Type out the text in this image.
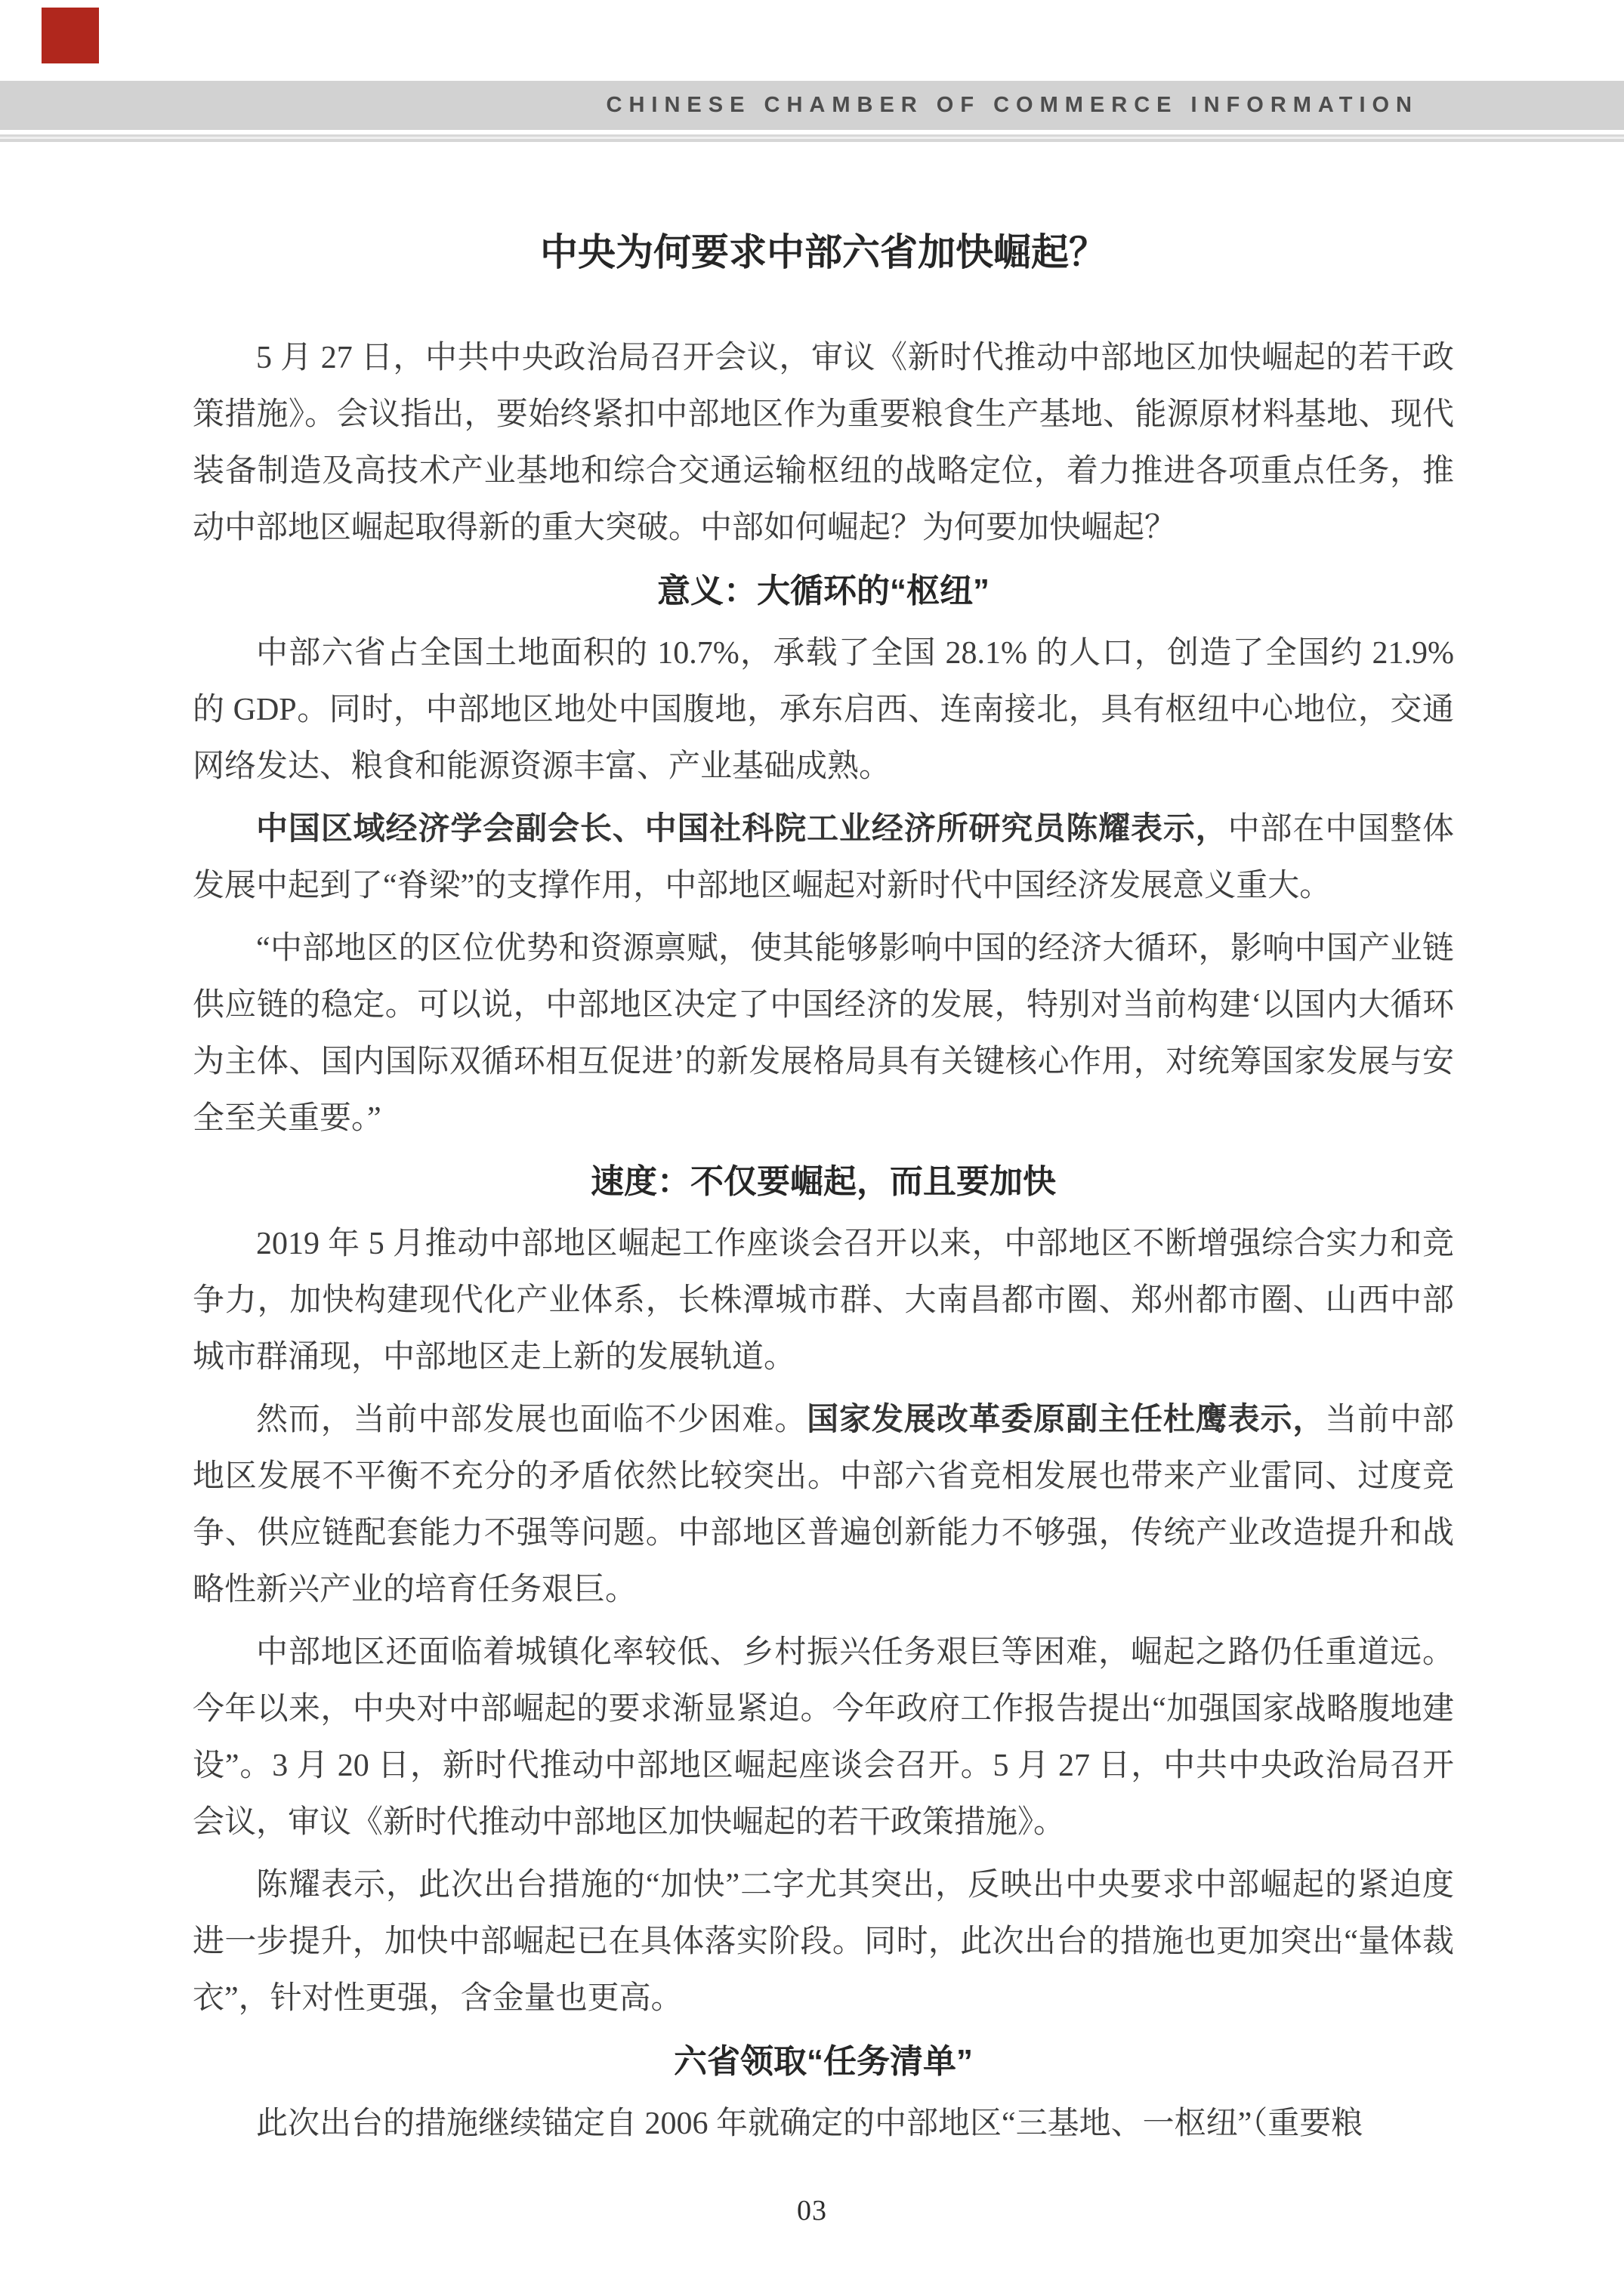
CHINESE CHAMBER OF COMMERCE INFORMATION
中央为何要求中部六省加快崛起？

5 月 27 日，中共中央政治局召开会议，审议《新时代推动中部地区加快崛起的若干政策措施》。会议指出，要始终紧扣中部地区作为重要粮食生产基地、能源原材料基地、现代装备制造及高技术产业基地和综合交通运输枢纽的战略定位，着力推进各项重点任务，推动中部地区崛起取得新的重大突破。中部如何崛起？为何要加快崛起？

意义：大循环的“枢纽”

中部六省占全国土地面积的 10.7%，承载了全国 28.1% 的人口，创造了全国约 21.9% 的 GDP。同时，中部地区地处中国腹地，承东启西、连南接北，具有枢纽中心地位，交通网络发达、粮食和能源资源丰富、产业基础成熟。

中国区域经济学会副会长、中国社科院工业经济所研究员陈耀表示，中部在中国整体发展中起到了“脊梁”的支撑作用，中部地区崛起对新时代中国经济发展意义重大。

“中部地区的区位优势和资源禀赋，使其能够影响中国的经济大循环，影响中国产业链供应链的稳定。可以说，中部地区决定了中国经济的发展，特别对当前构建‘以国内大循环为主体、国内国际双循环相互促进’的新发展格局具有关键核心作用，对统筹国家发展与安全至关重要。”

速度：不仅要崛起，而且要加快

2019 年 5 月推动中部地区崛起工作座谈会召开以来，中部地区不断增强综合实力和竞争力，加快构建现代化产业体系，长株潭城市群、大南昌都市圈、郑州都市圈、山西中部城市群涌现，中部地区走上新的发展轨道。

然而，当前中部发展也面临不少困难。国家发展改革委原副主任杜鹰表示，当前中部地区发展不平衡不充分的矛盾依然比较突出。中部六省竞相发展也带来产业雷同、过度竞争、供应链配套能力不强等问题。中部地区普遍创新能力不够强，传统产业改造提升和战略性新兴产业的培育任务艰巨。

中部地区还面临着城镇化率较低、乡村振兴任务艰巨等困难，崛起之路仍任重道远。今年以来，中央对中部崛起的要求渐显紧迫。今年政府工作报告提出“加强国家战略腹地建设”。3 月 20 日，新时代推动中部地区崛起座谈会召开。5 月 27 日，中共中央政治局召开会议，审议《新时代推动中部地区加快崛起的若干政策措施》。

陈耀表示，此次出台措施的“加快”二字尤其突出，反映出中央要求中部崛起的紧迫度进一步提升，加快中部崛起已在具体落实阶段。同时，此次出台的措施也更加突出“量体裁衣”，针对性更强，含金量也更高。

六省领取“任务清单”

此次出台的措施继续锚定自 2006 年就确定的中部地区“三基地、一枢纽”（重要粮

03
